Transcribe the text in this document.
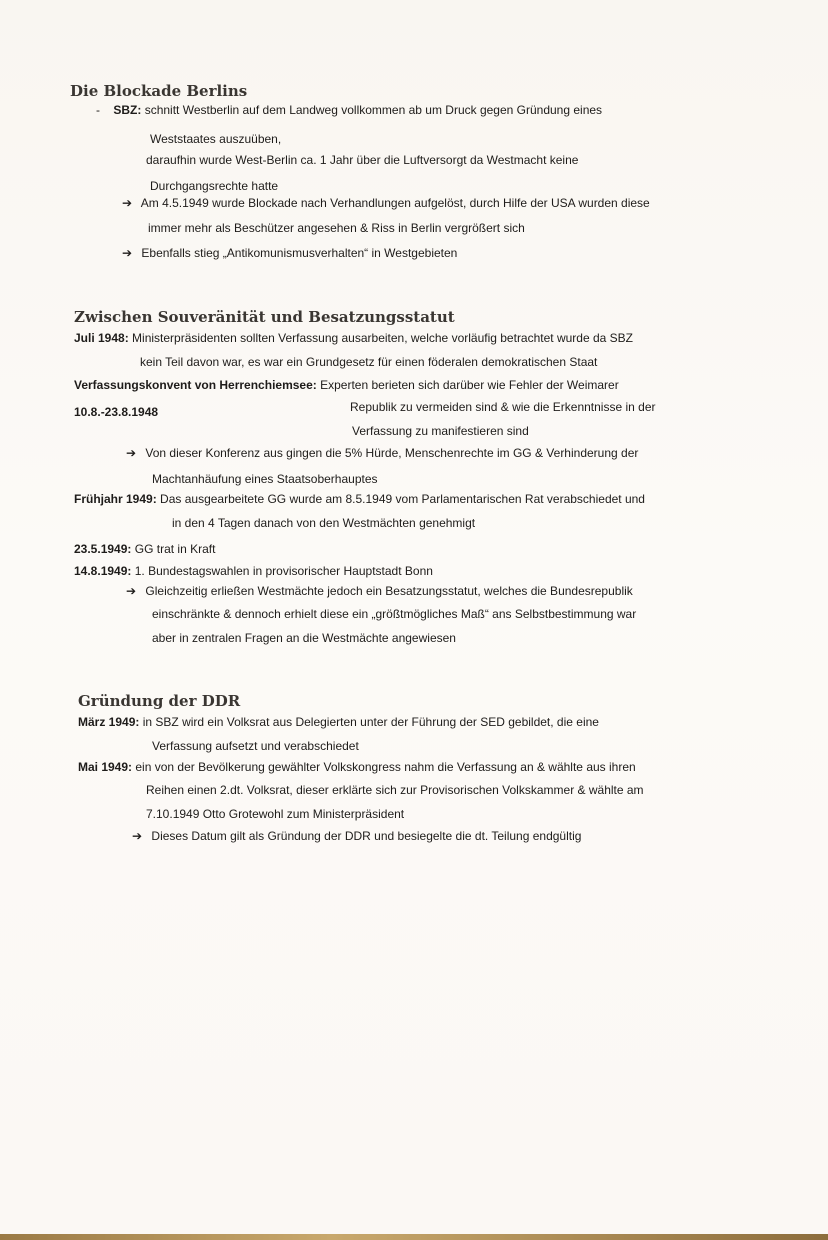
Die Blockade Berlins
- SBZ: schnitt Westberlin auf dem Landweg vollkommen ab um Druck gegen Gründung eines
Weststaates auszuüben,
daraufhin wurde West-Berlin ca. 1 Jahr über die Luftversorgt da Westmacht keine
Durchgangsrechte hatte
➔ Am 4.5.1949 wurde Blockade nach Verhandlungen aufgelöst, durch Hilfe der USA wurden diese
immer mehr als Beschützer angesehen & Riss in Berlin vergrößert sich
➔ Ebenfalls stieg „Antikomunismusverhalten“ in Westgebieten
Zwischen Souveränität und Besatzungsstatut
Juli 1948: Ministerpräsidenten sollten Verfassung ausarbeiten, welche vorläufig betrachtet wurde da SBZ
kein Teil davon war, es war ein Grundgesetz für einen föderalen demokratischen Staat
Verfassungskonvent von Herrenchiemsee: Experten berieten sich darüber wie Fehler der Weimarer
10.8.-23.8.1948	Republik zu vermeiden sind & wie die Erkenntnisse in der
Verfassung zu manifestieren sind
➔ Von dieser Konferenz aus gingen die 5% Hürde, Menschenrechte im GG & Verhinderung der
Machtanhäufung eines Staatsoberhauptes
Frühjahr 1949: Das ausgearbeitete GG wurde am 8.5.1949 vom Parlamentarischen Rat verabschiedet und
in den 4 Tagen danach von den Westmächten genehmigt
23.5.1949: GG trat in Kraft
14.8.1949: 1. Bundestagswahlen in provisorischer Hauptstadt Bonn
➔ Gleichzeitig erließen Westmächte jedoch ein Besatzungsstatut, welches die Bundesrepublik
einschränkte & dennoch erhielt diese ein „größtmögliches Maß“ ans Selbstbestimmung war
aber in zentralen Fragen an die Westmächte angewiesen
Gründung der DDR
März 1949: in SBZ wird ein Volksrat aus Delegierten unter der Führung der SED gebildet, die eine
Verfassung aufsetzt und verabschiedet
Mai 1949: ein von der Bevölkerung gewählter Volkskongress nahm die Verfassung an & wählte aus ihren
Reihen einen 2.dt. Volksrat, dieser erklärte sich zur Provisorischen Volkskammer & wählte am
7.10.1949 Otto Grotewohl zum Ministerpräsident
➔ Dieses Datum gilt als Gründung der DDR und besiegelte die dt. Teilung endgültig
